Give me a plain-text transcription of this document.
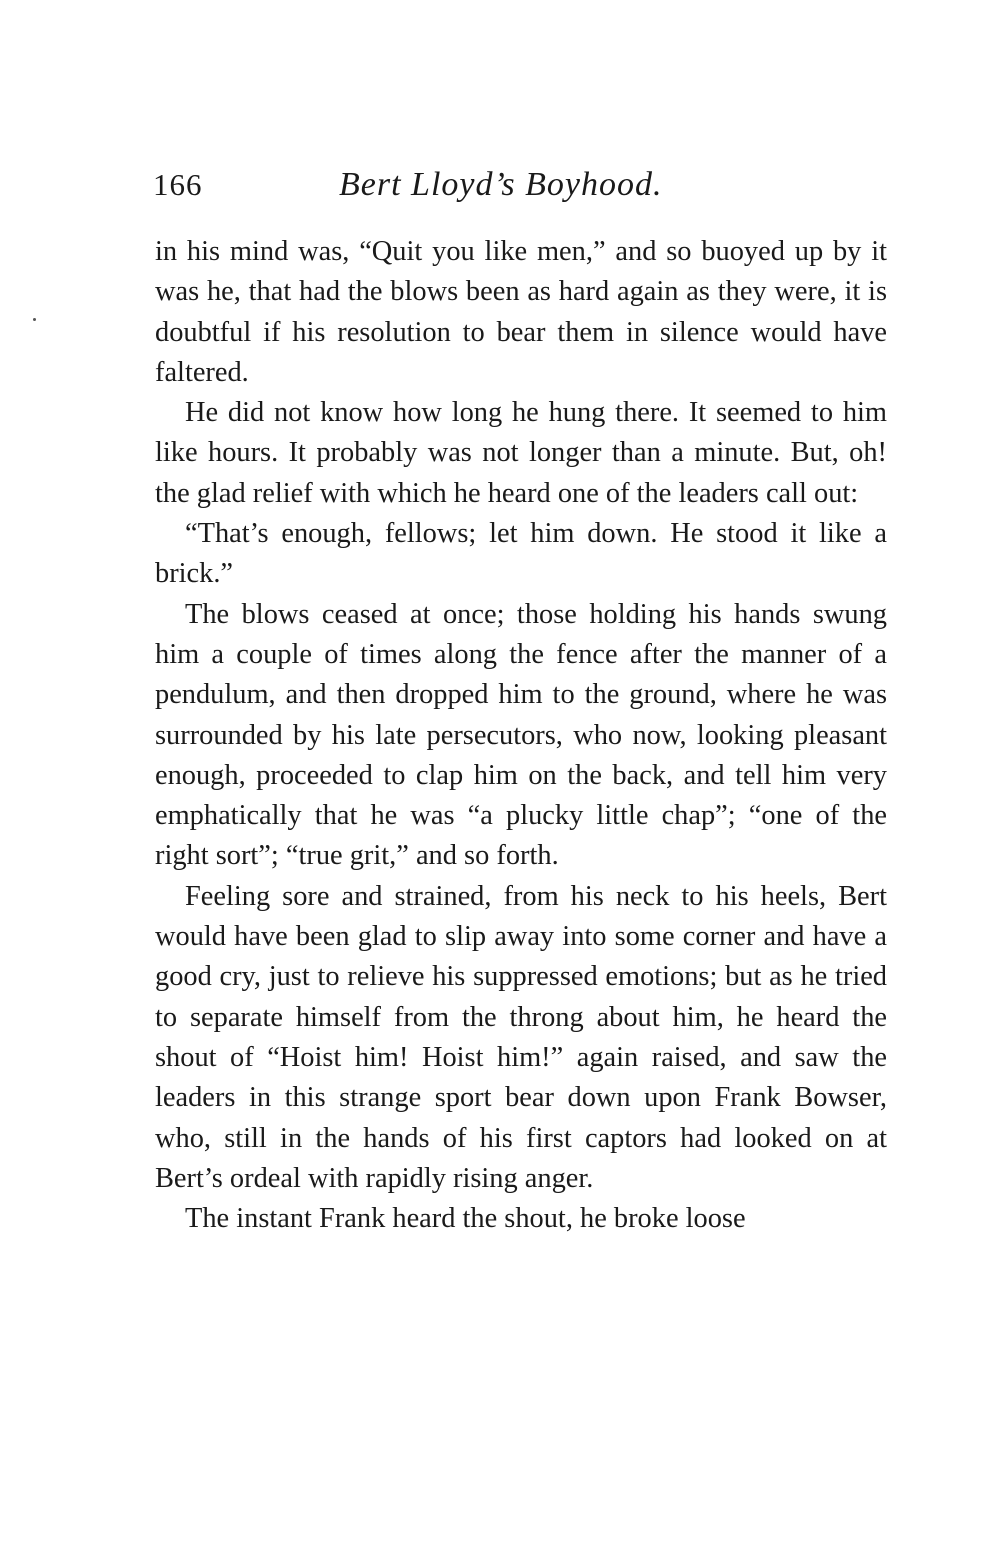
166	Bert Lloyd’s Boyhood.

in his mind was, “Quit you like men,” and so buoyed up by it was he, that had the blows been as hard again as they were, it is doubtful if his resolution to bear them in silence would have faltered.

He did not know how long he hung there. It seemed to him like hours. It probably was not longer than a minute. But, oh! the glad relief with which he heard one of the leaders call out:

“That’s enough, fellows; let him down. He stood it like a brick.”

The blows ceased at once; those holding his hands swung him a couple of times along the fence after the manner of a pendulum, and then dropped him to the ground, where he was surrounded by his late persecutors, who now, looking pleasant enough, proceeded to clap him on the back, and tell him very emphatically that he was “a plucky little chap”; “one of the right sort”; “true grit,” and so forth.

Feeling sore and strained, from his neck to his heels, Bert would have been glad to slip away into some corner and have a good cry, just to relieve his suppressed emotions; but as he tried to separate himself from the throng about him, he heard the shout of “Hoist him! Hoist him!” again raised, and saw the leaders in this strange sport bear down upon Frank Bowser, who, still in the hands of his first captors had looked on at Bert’s ordeal with rapidly rising anger.

The instant Frank heard the shout, he broke loose
